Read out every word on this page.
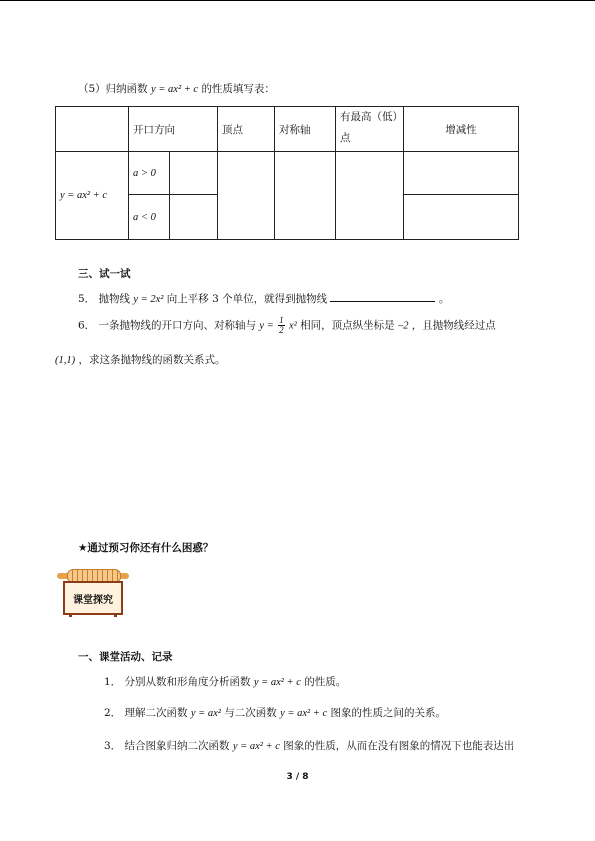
（5）归纳函数 y = ax² + c 的性质填写表：
	开口方向		顶点	对称轴	有最高（低）点	增减性
y = ax² + c	a > 0					
	a < 0					
三、试一试
5． 抛物线 y = 2x² 向上平移 3 个单位，就得到抛物线	。
6． 一条抛物线的开口方向、对称轴与 $y = \frac{1}{2} x^2$ 相同，顶点纵坐标是 –2 ，且抛物线经过点
(1,1) ，求这条抛物线的函数关系式。
★通过预习你还有什么困惑？
课堂探究
一、课堂活动、记录
1． 分别从数和形角度分析函数 y = ax² + c 的性质。
2． 理解二次函数 y = ax² 与二次函数 y = ax² + c 图象的性质之间的关系。
3． 结合图象归纳二次函数 y = ax² + c 图象的性质，从而在没有图象的情况下也能表达出
3 / 8
